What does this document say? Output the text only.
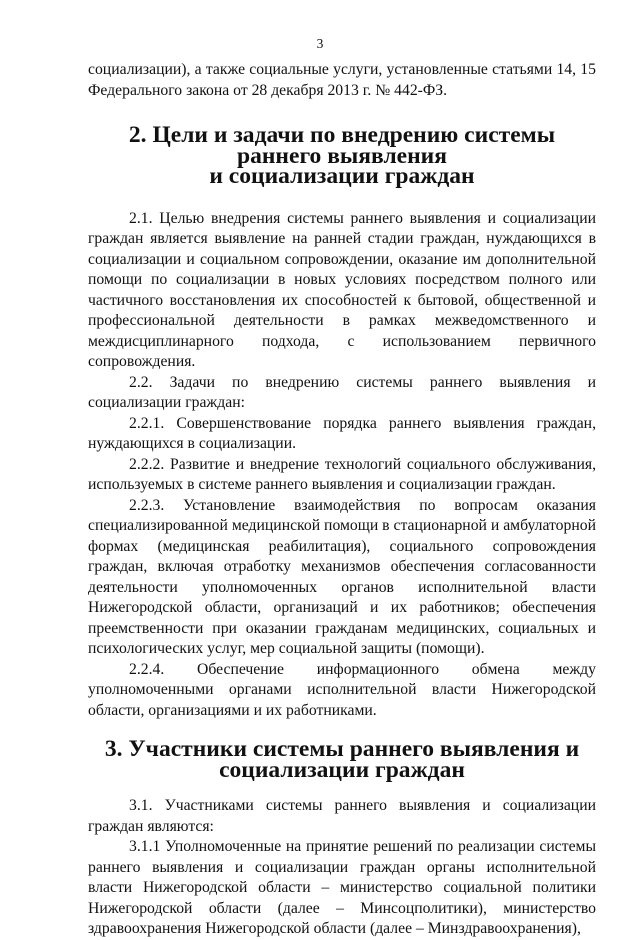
3

социализации), а также социальные услуги, установленные статьями 14, 15 Федерального закона от 28 декабря 2013 г. № 442-ФЗ.

2. Цели и задачи по внедрению системы раннего выявления
и социализации граждан

2.1. Целью внедрения системы раннего выявления и социализации граждан является выявление на ранней стадии граждан, нуждающихся в социализации и социальном сопровождении, оказание им дополнительной помощи по социализации в новых условиях посредством полного или частичного восстановления их способностей к бытовой, общественной и профессиональной деятельности в рамках межведомственного и междисциплинарного подхода, с использованием первичного сопровождения.

2.2. Задачи по внедрению системы раннего выявления и социализации граждан:

2.2.1. Совершенствование порядка раннего выявления граждан, нуждающихся в социализации.

2.2.2. Развитие и внедрение технологий социального обслуживания, используемых в системе раннего выявления и социализации граждан.

2.2.3. Установление взаимодействия по вопросам оказания специализированной медицинской помощи в стационарной и амбулаторной формах (медицинская реабилитация), социального сопровождения граждан, включая отработку механизмов обеспечения согласованности деятельности уполномоченных органов исполнительной власти Нижегородской области, организаций и их работников; обеспечения преемственности при оказании гражданам медицинских, социальных и психологических услуг, мер социальной защиты (помощи).

2.2.4. Обеспечение информационного обмена между уполномоченными органами исполнительной власти Нижегородской области, организациями и их работниками.

3. Участники системы раннего выявления и социализации граждан

3.1. Участниками системы раннего выявления и социализации граждан являются:

3.1.1 Уполномоченные на принятие решений по реализации системы раннего выявления и социализации граждан органы исполнительной власти Нижегородской области – министерство социальной политики Нижегородской области (далее – Минсоцполитики), министерство здравоохранения Нижегородской области (далее – Минздравоохранения),
